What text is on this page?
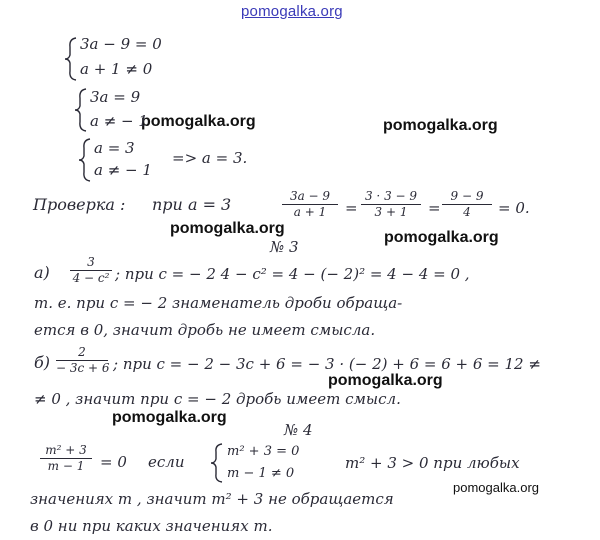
pomogalka.org
pomogalka.org	pomogalka.org
pomogalka.org
pomogalka.org
pomogalka.org
pomogalka.org
pomogalka.org
3a − 9 = 0
a + 1 ≠ 0
3a = 9
a ≠ − 1
a = 3
a ≠ − 1
=> a = 3.
Проверка : при a = 3	3a − 9
a + 1	=
3 · 3 − 9
3 + 1	=
9 − 9
4	= 0.
№ 3
а)
3
4 − c² ; при c = − 2 4 − c² = 4 − (− 2)² = 4 − 4 = 0 ,
т. е. при c = − 2 знаменатель дроби обраща-
ется в 0, значит дробь не имеет смысла.
б)
2
− 3c + 6 ; при c = − 2 − 3c + 6 = − 3 · (− 2) + 6 = 6 + 6 = 12 ≠
≠ 0 , значит при c = − 2 дробь имеет смысл.
№ 4
m² + 3
m − 1	= 0 если
m² + 3 = 0
m − 1 ≠ 0
m² + 3 > 0 при любых
значениях m , значит m² + 3 не обращается
в 0 ни при каких значениях m.
